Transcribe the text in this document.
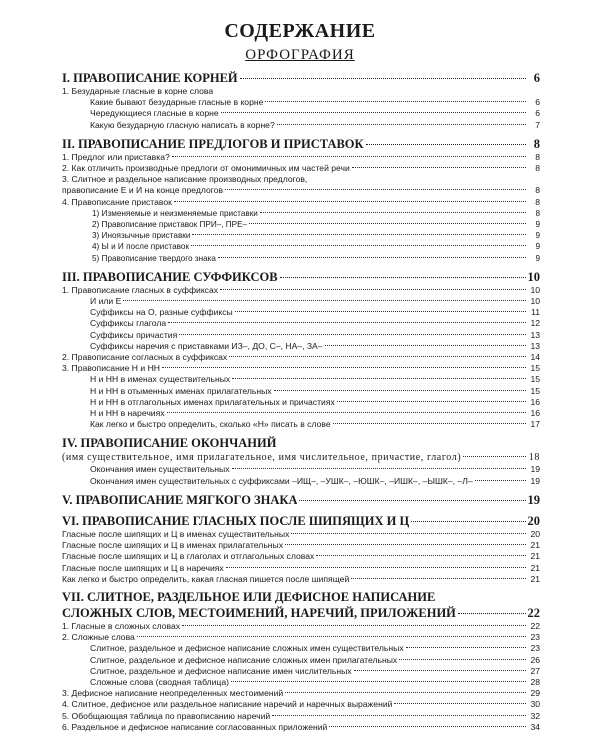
СОДЕРЖАНИЕ
ОРФОГРАФИЯ
I. ПРАВОПИСАНИЕ КОРНЕЙ	6
1. Безударные гласные в корне слова
Какие бывают безударные гласные в корне	6
Чередующиеся гласные в корне	6
Какую безударную гласную написать в корне?	7
II. ПРАВОПИСАНИЕ ПРЕДЛОГОВ И ПРИСТАВОК	8
1. Предлог или приставка?	8
2. Как отличить производные предлоги от омонимичных им частей речи	8
3. Слитное и раздельное написание производных предлогов,
правописание Е и И на конце предлогов	8
4. Правописание приставок	8
1) Изменяемые и неизменяемые приставки	8
2) Правописание приставок ПРИ–, ПРЕ–	9
3) Иноязычные приставки	9
4) Ы и И после приставок	9
5) Правописание твердого знака	9
III. ПРАВОПИСАНИЕ СУФФИКСОВ	10
1. Правописание гласных в суффиксах	10
И или Е	10
Суффиксы на О, разные суффиксы	11
Суффиксы глагола	12
Суффиксы причастия	13
Суффиксы наречия с приставками ИЗ–, ДО, С–, НА–, ЗА–	13
2. Правописание согласных в суффиксах	14
3. Правописание Н и НН	15
Н и НН в именах существительных	15
Н и НН в отыменных именах прилагательных	15
Н и НН в отглагольных именах прилагательных и причастиях	16
Н и НН в наречиях	16
Как легко и быстро определить, сколько «Н» писать в слове	17
IV. ПРАВОПИСАНИЕ ОКОНЧАНИЙ
(имя существительное, имя прилагательное, имя числительное, причастие, глагол)	18
Окончания имен существительных	19
Окончания имен существительных с суффиксами –ИЩ–, –УШК–, –ЮШК–, –ИШК–, –ЫШК–, –Л–	19
V. ПРАВОПИСАНИЕ МЯГКОГО ЗНАКА	19
VI. ПРАВОПИСАНИЕ ГЛАСНЫХ ПОСЛЕ ШИПЯЩИХ И Ц	20
Гласные после шипящих и Ц в именах существительных	20
Гласные после шипящих и Ц в именах прилагательных	21
Гласные после шипящих и Ц в глаголах и отглагольных словах	21
Гласные после шипящих и Ц в наречиях	21
Как легко и быстро определить, какая гласная пишется после шипящей	21
VII. СЛИТНОЕ, РАЗДЕЛЬНОЕ ИЛИ ДЕФИСНОЕ НАПИСАНИЕ
СЛОЖНЫХ СЛОВ, МЕСТОИМЕНИЙ, НАРЕЧИЙ, ПРИЛОЖЕНИЙ	22
1. Гласные в сложных словах	22
2. Сложные слова	23
Слитное, раздельное и дефисное написание сложных имен существительных	23
Слитное, раздельное и дефисное написание сложных имен прилагательных	26
Слитное, раздельное и дефисное написание имен числительных	27
Сложные слова (сводная таблица)	28
3. Дефисное написание неопределенных местоимений	29
4. Слитное, дефисное или раздельное написание наречий и наречных выражений	30
5. Обобщающая таблица по правописанию наречий	32
6. Раздельное и дефисное написание согласованных приложений	34
